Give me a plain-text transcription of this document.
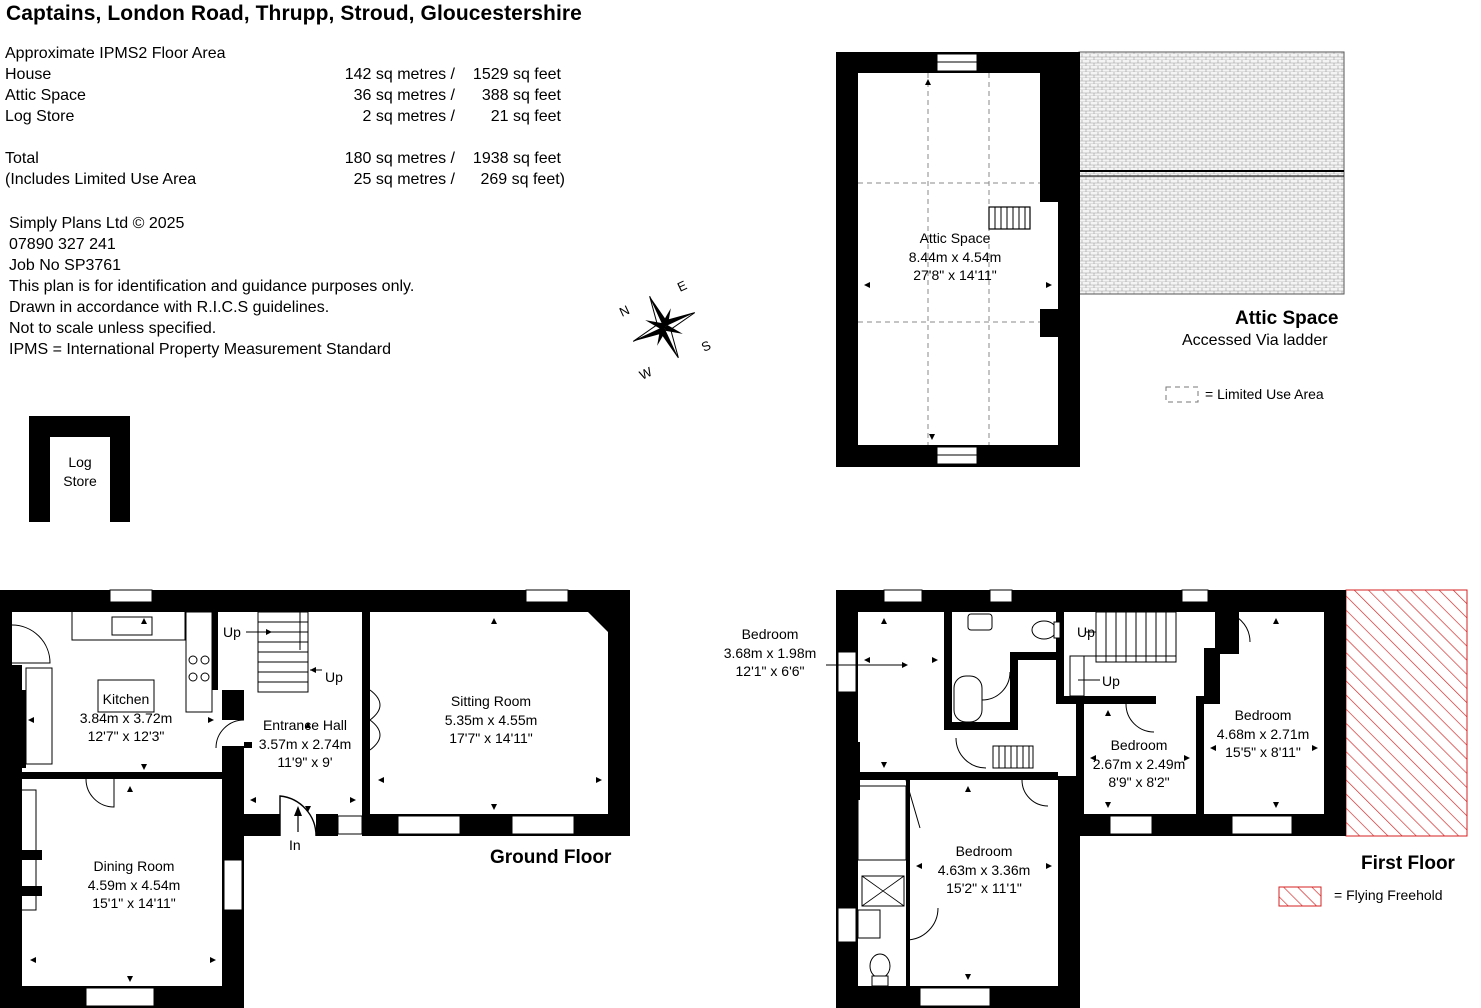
Captains, London Road, Thrupp, Stroud, Gloucestershire
Approximate IPMS2 Floor Area
House	142 sq metres / 1529 sq feet
Attic Space	36 sq metres / 388 sq feet
Log Store	2 sq metres / 21 sq feet
Total	180 sq metres / 1938 sq feet
(Includes Limited Use Area	25 sq metres / 269 sq feet)
Simply Plans Ltd © 2025
07890 327 241
Job No SP3761
This plan is for identification and guidance purposes only.
Drawn in accordance with R.I.C.S guidelines.
Not to scale unless specified.
IPMS = International Property Measurement Standard
Attic Space
Accessed Via ladder
Ground Floor	First Floor
N
E
S
W
Log
Store
Attic Space
8.44m x 4.54m
27'8" x 14'11"
Kitchen
3.84m x 3.72m
12'7" x 12'3"
Entrance Hall
3.57m x 2.74m
11'9" x 9'
Sitting Room
5.35m x 4.55m
17'7" x 14'11"
Dining Room
4.59m x 4.54m
15'1" x 14'11"
Up
Up
In
Bedroom
3.68m x 1.98m
12'1" x 6'6"
Bedroom
2.67m x 2.49m
8'9" x 8'2"
Bedroom
4.68m x 2.71m
15'5" x 8'11"
Bedroom
4.63m x 3.36m
15'2" x 11'1"
Up
Up
= Limited Use Area
= Flying Freehold
